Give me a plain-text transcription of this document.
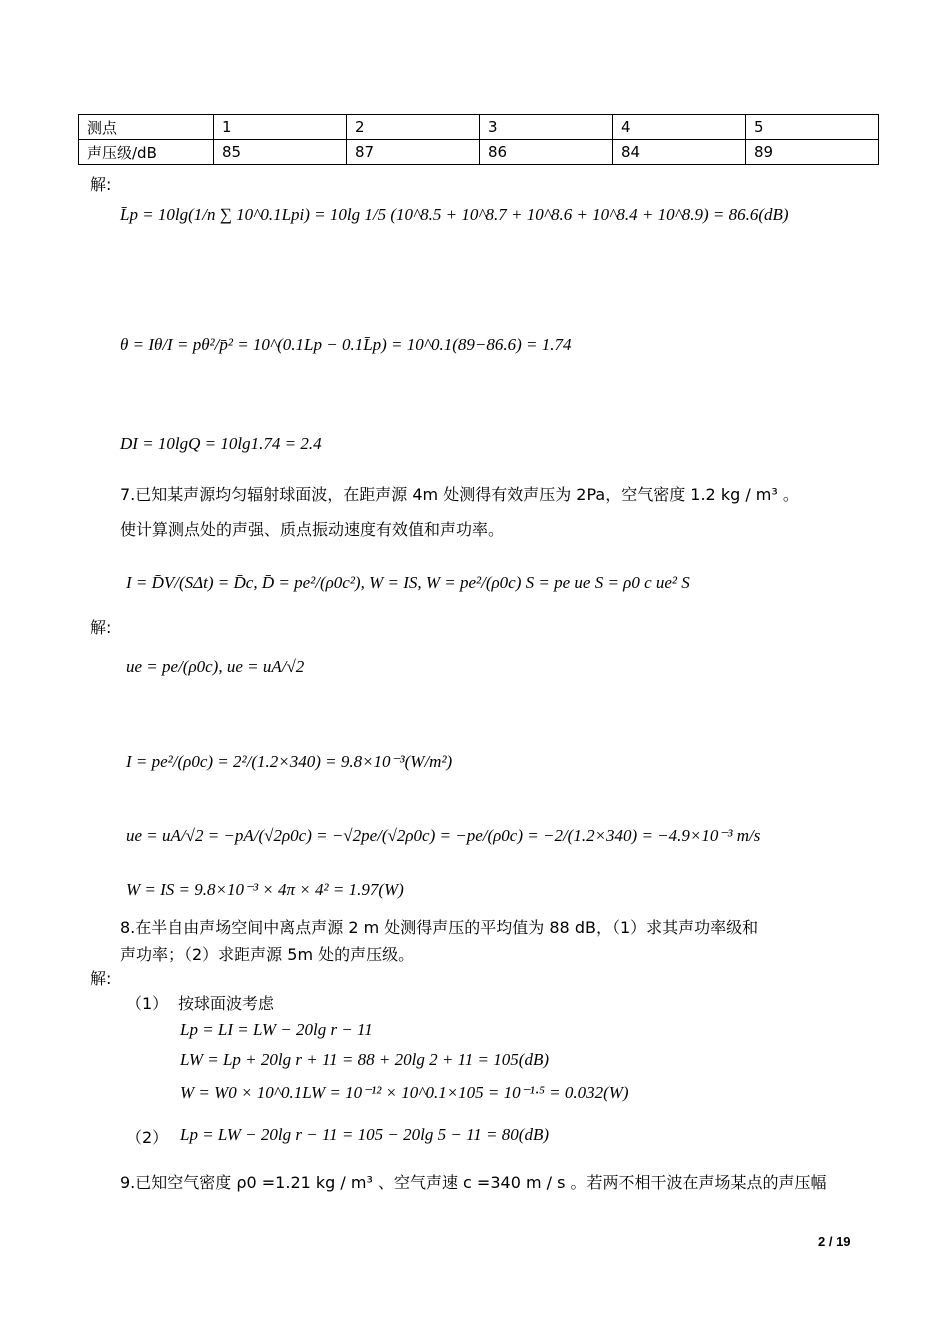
测点	1	2	3	4	5
声压级/dB	85	87	86	84	89
解:
L̄p = 10lg(1/n ∑ 10^0.1Lpi) = 10lg 1/5 (10^8.5 + 10^8.7 + 10^8.6 + 10^8.4 + 10^8.9) = 86.6(dB)
θ = Iθ/I = pθ²/p̄² = 10^(0.1Lp − 0.1L̄p) = 10^0.1(89−86.6) = 1.74
DI = 10lgQ = 10lg1.74 = 2.4
7.已知某声源均匀辐射球面波，在距声源 4m 处测得有效声压为 2Pa，空气密度 1.2 kg / m³ 。
使计算测点处的声强、质点振动速度有效值和声功率。
I = D̄V/(SΔt) = D̄c, D̄ = pe²/(ρ0c²), W = IS, W = pe²/(ρ0c) S = pe ue S = ρ0 c ue² S
解:
ue = pe/(ρ0c), ue = uA/√2
I = pe²/(ρ0c) = 2²/(1.2×340) = 9.8×10⁻³(W/m²)
ue = uA/√2 = −pA/(√2ρ0c) = −√2pe/(√2ρ0c) = −pe/(ρ0c) = −2/(1.2×340) = −4.9×10⁻³ m/s
W = IS = 9.8×10⁻³ × 4π × 4² = 1.97(W)
8.在半自由声场空间中离点声源 2 m 处测得声压的平均值为 88 dB，（1）求其声功率级和
声功率；（2）求距声源 5m 处的声压级。
解:
（1） 按球面波考虑
Lp = LI = LW − 20lg r − 11
LW = Lp + 20lg r + 11 = 88 + 20lg 2 + 11 = 105(dB)
W = W0 × 10^0.1LW = 10⁻¹² × 10^0.1×105 = 10⁻¹·⁵ = 0.032(W)
（2） Lp = LW − 20lg r − 11 = 105 − 20lg 5 − 11 = 80(dB)
9.已知空气密度 ρ0 =1.21 kg / m³ 、空气声速 c =340 m / s 。若两不相干波在声场某点的声压幅
2 / 19
